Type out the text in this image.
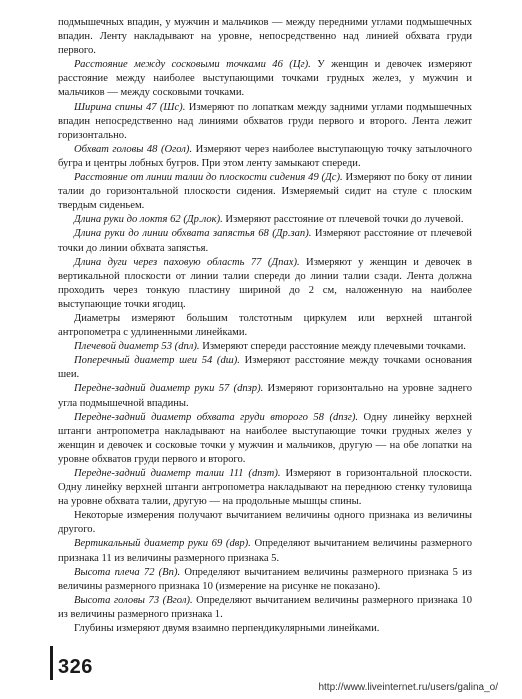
подмышечных впадин, у мужчин и мальчиков — между передними углами подмышечных впадин. Ленту накладывают на уровне, непосредственно над линией обхвата груди первого.

Расстояние между сосковыми точками 46 (Цг). У женщин и девочек измеряют расстояние между наиболее выступающими точками грудных желез, у мужчин и мальчиков — между сосковыми точками.

Ширина спины 47 (Шс). Измеряют по лопаткам между задними углами подмышечных впадин непосредственно над линиями обхватов груди первого и второго. Лента лежит горизонтально.

Обхват головы 48 (Огол). Измеряют через наиболее выступающую точку затылочного бугра и центры лобных бугров. При этом ленту замыкают спереди.

Расстояние от линии талии до плоскости сидения 49 (Дс). Измеряют по боку от линии талии до горизонтальной плоскости сидения. Измеряемый сидит на стуле с плоским твердым сиденьем.

Длина руки до локтя 62 (Др.лок). Измеряют расстояние от плечевой точки до лучевой.

Длина руки до линии обхвата запястья 68 (Др.зап). Измеряют расстояние от плечевой точки до линии обхвата запястья.

Длина дуги через паховую область 77 (Дпах). Измеряют у женщин и девочек в вертикальной плоскости от линии талии спереди до линии талии сзади. Лента должна проходить через тонкую пластину шириной до 2 см, наложенную на наиболее выступающие точки ягодиц.

Диаметры измеряют большим толстотным циркулем или верхней штангой антропометра с удлиненными линейками.

Плечевой диаметр 53 (dпл). Измеряют спереди расстояние между плечевыми точками.

Поперечный диаметр шеи 54 (dш). Измеряют расстояние между точками основания шеи.

Передне-задний диаметр руки 57 (dпзр). Измеряют горизонтально на уровне заднего угла подмышечной впадины.

Передне-задний диаметр обхвата груди второго 58 (dпзг). Одну линейку верхней штанги антропометра накладывают на наиболее выступающие точки грудных желез у женщин и девочек и сосковые точки у мужчин и мальчиков, другую — на обе лопатки на уровне обхватов груди первого и второго.

Передне-задний диаметр талии 111 (dпзт). Измеряют в горизонтальной плоскости. Одну линейку верхней штанги антропометра накладывают на переднюю стенку туловища на уровне обхвата талии, другую — на продольные мышцы спины.

Некоторые измерения получают вычитанием величины одного признака из величины другого.

Вертикальный диаметр руки 69 (dвр). Определяют вычитанием величины размерного признака 11 из величины размерного признака 5.

Высота плеча 72 (Вп). Определяют вычитанием величины размерного признака 5 из величины размерного признака 10 (измерение на рисунке не показано).

Высота головы 73 (Вгол). Определяют вычитанием величины размерного признака 10 из величины размерного признака 1.

Глубины измеряют двумя взаимно перпендикулярными линейками.

326
http://www.liveinternet.ru/users/galina_o/
